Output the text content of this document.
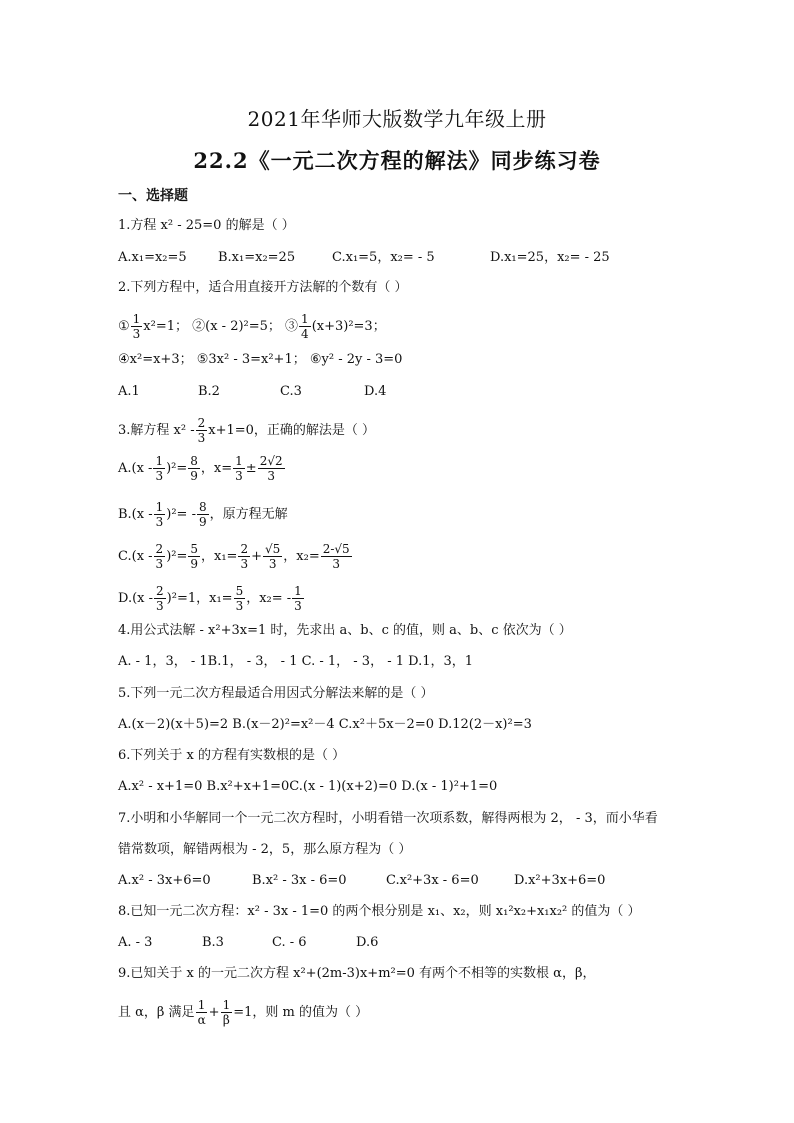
2021年华师大版数学九年级上册
22.2《一元二次方程的解法》同步练习卷
一、选择题
1.方程 x² - 25=0 的解是（ ）
A.x₁=x₂=5 B.x₁=x₂=25	C.x₁=5，x₂= - 5	D.x₁=25，x₂= - 25
2.下列方程中，适合用直接开方法解的个数有（ ）
① $\frac{1}{3} x^2=1$； ②(x - 2)²=5； ③ $\frac{1}{4} (x+3)^2=3$；
④x²=x+3； ⑤3x² - 3=x²+1； ⑥y² - 2y - 3=0
A.1	B.2	C.3	D.4
3.解方程 $x^2 - \frac{2}{3} x+1=0$，正确的解法是（ ）
$A.(x - \frac{1}{3} )^2= \frac{8}{9}$ ，$x= \frac{1}{3} \pm \frac{2√2}{3}$
$B.(x - \frac{1}{3} )^2= - \frac{8}{9}$ ，原方程无解
$C.(x - \frac{2}{3} )^2= \frac{5}{9}$ ，$x_1= \frac{2}{3} + \frac{√5}{3}$ ，$x_2= \frac{2-√5}{3}$
$D.(x - \frac{2}{3} )^2=1$，$x_1= \frac{5}{3}$ ，$x_2= - \frac{1}{3}$
4.用公式法解 - x²+3x=1 时，先求出 a、b、c 的值，则 a、b、c 依次为（ ）
A. - 1，3， - 1B.1， - 3， - 1 C. - 1， - 3， - 1 D.1，3，1
5.下列一元二次方程最适合用因式分解法来解的是（ ）
A.(x－2)(x＋5)=2 B.(x－2)²=x²－4 C.x²＋5x－2=0 D.12(2－x)²=3
6.下列关于 x 的方程有实数根的是（ ）
A.x² - x+1=0 B.x²+x+1=0C.(x - 1)(x+2)=0 D.(x - 1)²+1=0
7.小明和小华解同一个一元二次方程时，小明看错一次项系数，解得两根为 2， - 3，而小华看
错常数项，解错两根为 - 2，5，那么原方程为（ ）
A.x² - 3x+6=0	B.x² - 3x - 6=0	C.x²+3x - 6=0	D.x²+3x+6=0
8.已知一元二次方程：x² - 3x - 1=0 的两个根分别是 x₁、x₂，则 x₁²x₂+x₁x₂² 的值为（ ）
A. - 3	B.3	C. - 6	D.6
9.已知关于 x 的一元二次方程 x²+(2m-3)x+m²=0 有两个不相等的实数根 α，β，
且 α，β 满足 $\frac{1}{\alpha} + \frac{1}{\beta} =1$，则 m 的值为（ ）
